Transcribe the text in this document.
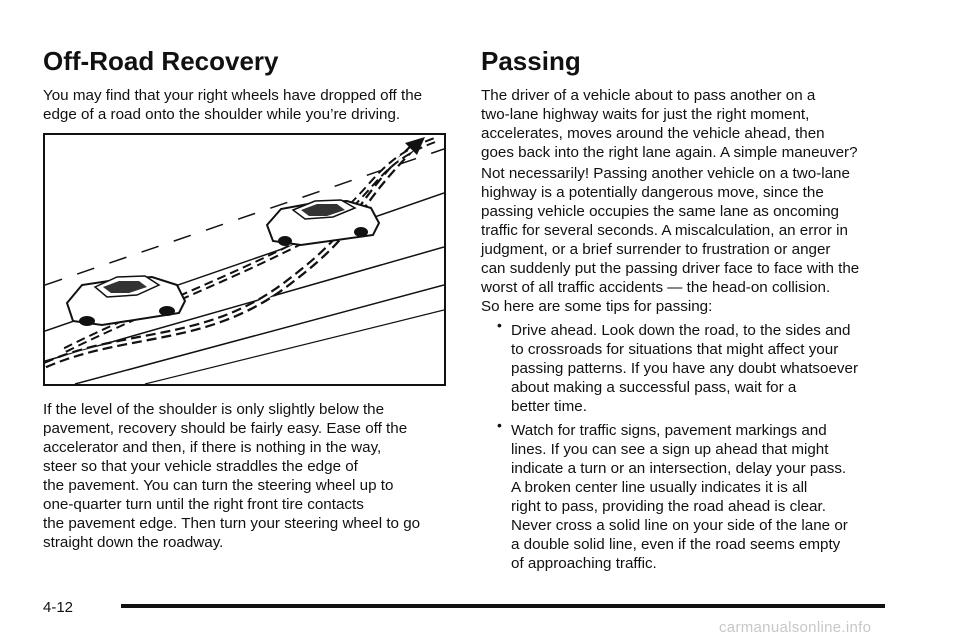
Off-Road Recovery

You may find that your right wheels have dropped off the
edge of a road onto the shoulder while you’re driving.

If the level of the shoulder is only slightly below the
pavement, recovery should be fairly easy. Ease off the
accelerator and then, if there is nothing in the way,
steer so that your vehicle straddles the edge of
the pavement. You can turn the steering wheel up to
one-quarter turn until the right front tire contacts
the pavement edge. Then turn your steering wheel to go
straight down the roadway.

Passing

The driver of a vehicle about to pass another on a
two-lane highway waits for just the right moment,
accelerates, moves around the vehicle ahead, then
goes back into the right lane again. A simple maneuver?

Not necessarily! Passing another vehicle on a two-lane
highway is a potentially dangerous move, since the
passing vehicle occupies the same lane as oncoming
traffic for several seconds. A miscalculation, an error in
judgment, or a brief surrender to frustration or anger
can suddenly put the passing driver face to face with the
worst of all traffic accidents — the head-on collision.

So here are some tips for passing:

• Drive ahead. Look down the road, to the sides and
to crossroads for situations that might affect your
passing patterns. If you have any doubt whatsoever
about making a successful pass, wait for a
better time.

• Watch for traffic signs, pavement markings and
lines. If you can see a sign up ahead that might
indicate a turn or an intersection, delay your pass.
A broken center line usually indicates it is all
right to pass, providing the road ahead is clear.
Never cross a solid line on your side of the lane or
a double solid line, even if the road seems empty
of approaching traffic.

4-12
carmanualsonline.info
